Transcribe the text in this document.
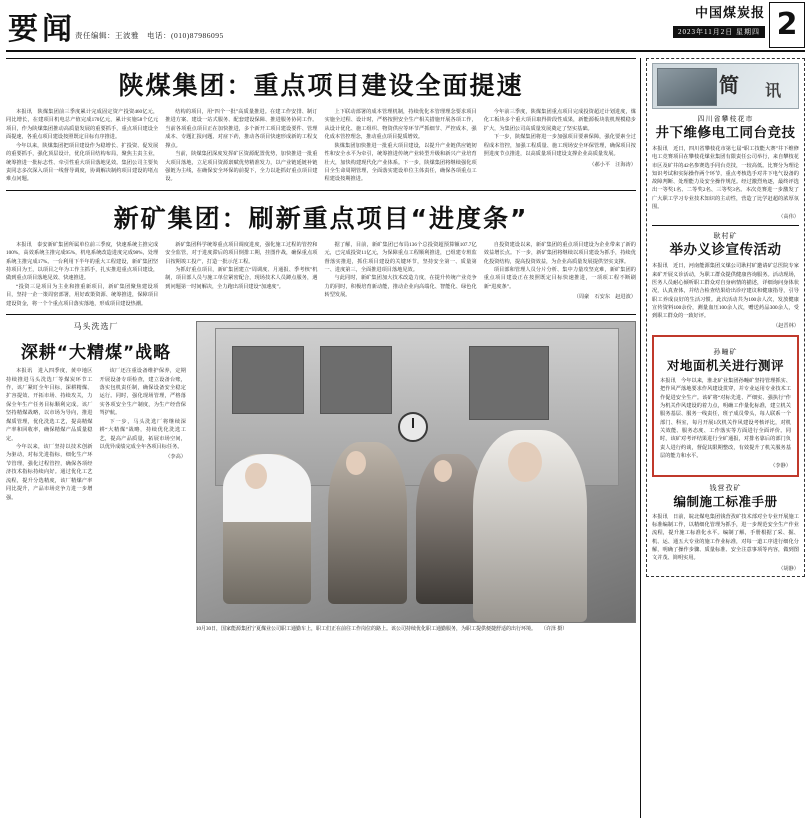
要闻 责任编辑：王波雅　电话：(010)87986095
中国煤炭报
2023年11月2日 星期四 2
陕煤集团：重点项目建设全面提速
本报讯　陕煤集团前三季度累计完成固定资产投资460亿元，同比增长，在建项目机电总产值完成170亿元，累计实施58个亿元项目，作为陕煤集团推动高质量发展的重要抓手，重点项目建设全面提速，各重点项目建设按照既定目标有序推进。
今年以来，陕煤集团把项目建设作为稳增长、扩投资、促发展的重要抓手，强化顶层设计，优化项目结构布局，聚焦主责主业，统筹推进一批标志性、牵引性重大项目落地见效。集团公司主要负责同志多次深入项目一线督导调度，协调解决制约项目建设的堵点难点问题。
结构的项目，用“四个一批”高质量推进。在建工作安排、制订推进方案、建设一站式服务、配套建设保障、推进服务协同工作。当前各项重点项目正在加快推进，多个新开工项目建设要件、管理成本、专题汇报问题、对症下药，推动各项目快速形成新的工程支撑点。
当前，陕煤集团深度发挥矿区资源配置优势，加快推进一批重大项目落地，立足项目资源禀赋优势精准发力，以产业链延链补链强链为主线，在确保安全环保的前提下，全力以赴抓好重点项目建设。
上下联动部署的成本管理机制，持续优化本管理理念要求项目实施全过程、设计时，严格按照安全生产相关措施开展各项工作，从设计优化、施工组织、物资供应等环节严抓细节、严控成本，强化成本管控理念，推动重点项目提质增效。
陕煤集团加快推进一批重大项目建设，以提升产业链供应链韧性和安全水平为牵引，统筹推进传统产业转型升级和新兴产业培育壮大，加快构建现代化产业体系。下一步，陕煤集团将继续强化项目全生命周期管理，全面落实建设单位主体责任，确保各项重点工程建设按期推进。
今年前三季度，陕煤集团重点项目完成投资超过计划进度，煤化工板块多个重大项目取得阶段性成果，新能源板块装机规模稳步扩大，为集团公司高质量发展奠定了坚实基础。
下一步，陕煤集团将进一步加强项目要素保障，强化要素全过程成本管控，加强工程质量、施工现场安全环保管理，确保项目按照进度节点推进，以高质量项目建设支撑企业高质量发展。
（郝小平　汪海涛）
新矿集团：刷新重点项目“进度条”
本报讯　泰安新矿集团所属单位前三季度，快速系统主推完成100%，高效系统主推完成95%，机电系统改造进度完成98%，处理系统主推完成17%。一台利用下半年的重大工程建设，新矿集团坚持项目为王，以项目之年为工作主抓手，扎实推进重点项目建设，做到重点项目落地见效、快速推进。
“投资三是项目为主业和推重新项目，新矿集团聚焦建设项目，坚持一企一策周密部署，用好政策资源、统筹推进，保障项目建设资金，将一个个重点项目落实落地，形成项目建设热潮。
新矿集团科学统筹重点项目调度进度，强化施工过程的管控和安全监管，对于进度滞后的项目倒排工期，挂图作战，确保重点项目按期竣工投产，打造一批示范工程。
为抓好重点项目，新矿集团建立“周调度、月通报、季考核”机制，项目部人员与施工单位紧密配合，现场技术人员蹲点服务，遇到问题第一时间解决，全力跑出项目建设“加速度”。
据了解，目前，新矿集团已布局136个总投资超预算额107.7亿元，已完成投资11亿元，为保障重点工程顺利推进，已组建专班监督落实推进，抓住项目建设的关键环节，坚持安全第一、质量第一、进度第三，全面推进项目落地见效。
与此同时，新矿集团加大技术改造力度，在提升传统产业竞争力的同时，积极培育新动能，推动企业向高端化、智能化、绿色化转型发展。
自投资建设以来，新矿集团的重点项目建设为企业带来了新的效益增长点。下一步，新矿集团将继续以项目建设为抓手，持续优化投资结构，提高投资效益，为企业高质量发展提供坚实支撑。
项目部和管理人员分片分析、集中力量攻坚克难，新矿集团的重点项目建设正在按照既定目标快速推进，一项项工程不断刷新“进度条”。
（周豪　石安东　赵进波）
马头洗选厂
深耕“大精煤”战略
本报讯　进入四季度，黄中地区持续推进马头洗选厂等煤炭环节工作，该厂紧盯全年目标，深耕精煤、扩容提效、开拓市场、持续攻关，力保全年生产任务目标顺利完成。该厂坚持精煤战略，以市场为导向，推进煤质管理，优化洗选工艺，提高精煤产率和回收率，确保精煤产品质量稳定。
今年以来，该厂坚持以技术创新为驱动，对标先进指标，细化生产环节管理，强化过程管控，确保各项经济技术指标持续向好。通过优化工艺流程，提升分选精度，该厂精煤产率同比提升，产品市场竞争力进一步增强。
该厂还注重设备维护保养，定期开展设备专项检查，建立设备台账，落实包机责任制，确保设备安全稳定运行。同时，强化现场管理，严格落实各项安全生产制度，为生产经营保驾护航。
下一步，马头洗选厂将继续深耕“大精煤”战略，持续优化洗选工艺，提高产品质量，拓展市场空间，以优异成绩完成全年各项目标任务。
（李高）
10月30日，国家能源集团宁夏煤业公司职工通勤车上，职工们正在前往工作岗位的路上。该公司持续优化职工通勤服务，为职工提供便捷舒适的出行环境。　　（许泽 摄）
简 讯
四川省攀枝花市
井下维修电工同台竞技
本报讯　近日，四川省攀枝花市第七届“职工技能大赛”井下维修电工竞赛项目在攀枝花煤业集团有限责任公司举行，来自攀枝花市区及矿井的42名参赛选手同台竞技，一较高低。比赛分为理论知识考试和实际操作两个环节，重点考核选手对井下电气设备的故障判断、处理能力及安全操作规范。经过激烈角逐，最终评选出一等奖1名、二等奖2名、三等奖3名。本次竞赛进一步激发了广大职工学习专业技术知识的主动性，营造了比学赶超的浓厚氛围。
（高伟）
耿村矿
举办义诊宣传活动
本报讯　近日，河南能源集团义煤公司耿村矿邀请矿总医院专家来矿开展义诊活动，为职工群众提供健康咨询服务。活动现场，医务人员耐心倾听职工群众对自身病情的描述，详细询问身体状况，认真查体，并结合检查结果给出诊疗建议和健康指导，引导职工养成良好的生活习惯。此次活动共为100余人次，发放健康宣传资料100余份，测量血压100余人次，赠送药品300余人，受到职工群众的一致好评。
（赵晋林）
孙疃矿
对地面机关进行测评
本报讯　今年以来，淮北矿业集团孙疃矿坚持管理抓实、把作风严落地要求作风建设贯穿，并专业运用专业技术工作促进安全生产。该矿将“对标先进、严细实、强执行”作为机关作风建设的着力点，明确工作量化标准，建立机关服务基层、服务一线责任，班子成员带头，每人联系一个部门、科室，每月开展1次机关作风建设考核评比，对机关效能、服务态度、工作落实等方面进行全面评价。同时，该矿对考评结果进行全矿通报，对排名靠后的部门负责人进行约谈，督促其限期整改，有效提升了机关服务基层的能力和水平。
（李静）
钱营孜矿
编制施工标准手册
本报讯　日前，皖北煤电集团钱营孜矿技术部对全专业开展施工标准编制工作，以精细化管理为抓手，进一步规范安全生产作业流程，提升施工标准化水平。编制了解，手册根据了采、掘、机、运、通五大专业的施工作业标准，对每一道工序进行细化分解，明确了操作步骤、质量标准、安全注意事项等内容，做到图文并茂、简明实用。
（胡静）
